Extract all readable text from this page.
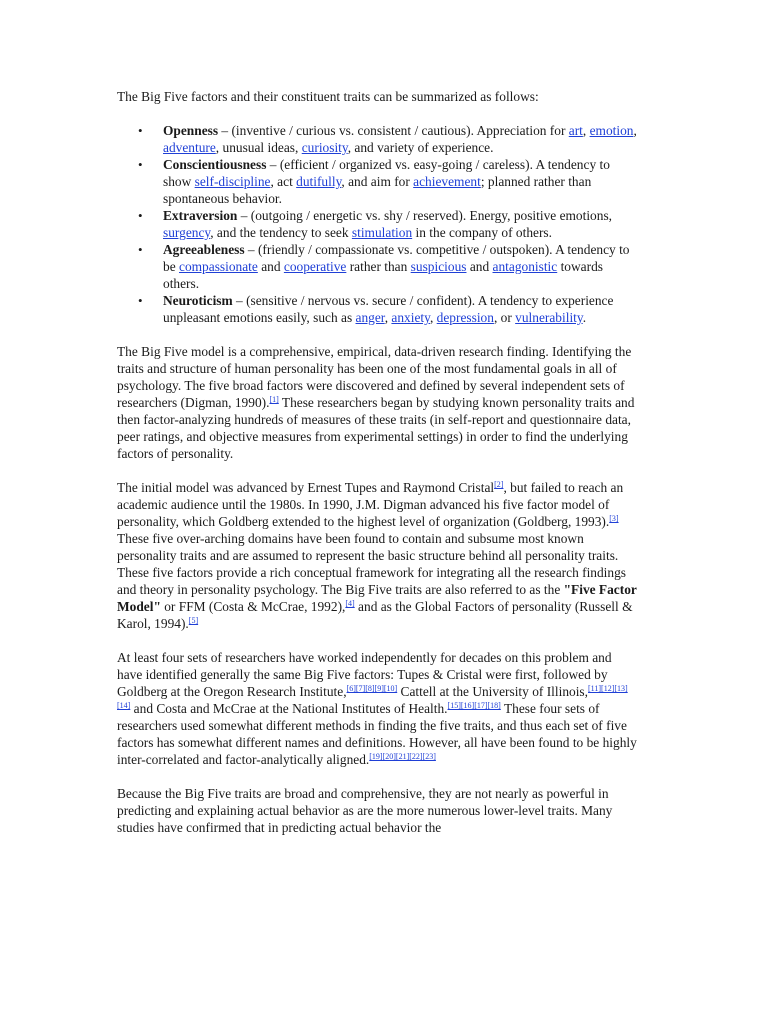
The Big Five factors and their constituent traits can be summarized as follows:

• Openness – (inventive / curious vs. consistent / cautious). Appreciation for art, emotion, adventure, unusual ideas, curiosity, and variety of experience.
• Conscientiousness – (efficient / organized vs. easy-going / careless). A tendency to show self-discipline, act dutifully, and aim for achievement; planned rather than spontaneous behavior.
• Extraversion – (outgoing / energetic vs. shy / reserved). Energy, positive emotions, surgency, and the tendency to seek stimulation in the company of others.
• Agreeableness – (friendly / compassionate vs. competitive / outspoken). A tendency to be compassionate and cooperative rather than suspicious and antagonistic towards others.
• Neuroticism – (sensitive / nervous vs. secure / confident). A tendency to experience unpleasant emotions easily, such as anger, anxiety, depression, or vulnerability.

The Big Five model is a comprehensive, empirical, data-driven research finding. Identifying the traits and structure of human personality has been one of the most fundamental goals in all of psychology. The five broad factors were discovered and defined by several independent sets of researchers (Digman, 1990).[1] These researchers began by studying known personality traits and then factor-analyzing hundreds of measures of these traits (in self-report and questionnaire data, peer ratings, and objective measures from experimental settings) in order to find the underlying factors of personality.

The initial model was advanced by Ernest Tupes and Raymond Cristal[2], but failed to reach an academic audience until the 1980s. In 1990, J.M. Digman advanced his five factor model of personality, which Goldberg extended to the highest level of organization (Goldberg, 1993).[3] These five over-arching domains have been found to contain and subsume most known personality traits and are assumed to represent the basic structure behind all personality traits. These five factors provide a rich conceptual framework for integrating all the research findings and theory in personality psychology. The Big Five traits are also referred to as the "Five Factor Model" or FFM (Costa & McCrae, 1992),[4] and as the Global Factors of personality (Russell & Karol, 1994).[5]

At least four sets of researchers have worked independently for decades on this problem and have identified generally the same Big Five factors: Tupes & Cristal were first, followed by Goldberg at the Oregon Research Institute,[6][7][8][9][10] Cattell at the University of Illinois,[11][12][13][14] and Costa and McCrae at the National Institutes of Health.[15][16][17][18] These four sets of researchers used somewhat different methods in finding the five traits, and thus each set of five factors has somewhat different names and definitions. However, all have been found to be highly inter-correlated and factor-analytically aligned.[19][20][21][22][23]

Because the Big Five traits are broad and comprehensive, they are not nearly as powerful in predicting and explaining actual behavior as are the more numerous lower-level traits. Many studies have confirmed that in predicting actual behavior the
